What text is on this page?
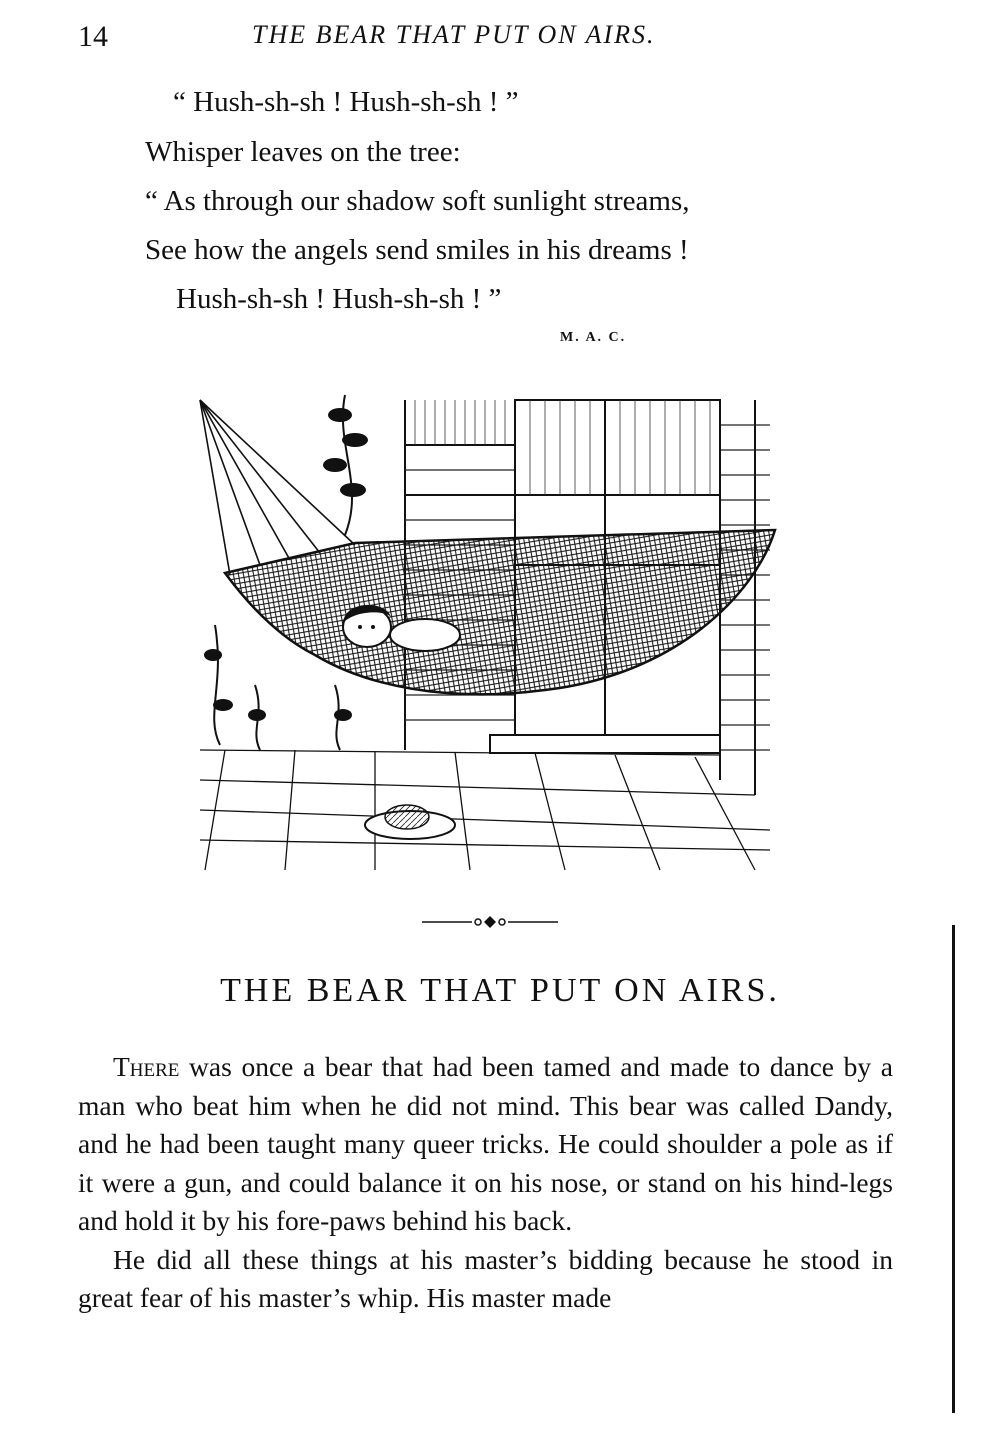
14	THE BEAR THAT PUT ON AIRS.
“ Hush-sh-sh ! Hush-sh-sh ! ”
Whisper leaves on the tree:
“ As through our shadow soft sunlight streams,
See how the angels send smiles in his dreams !
Hush-sh-sh ! Hush-sh-sh ! ”
M. A. C.
THE BEAR THAT PUT ON AIRS.

There was once a bear that had been tamed and made to dance by a man who beat him when he did not mind. This bear was called Dandy, and he had been taught many queer tricks. He could shoulder a pole as if it were a gun, and could balance it on his nose, or stand on his hind-legs and hold it by his fore-paws behind his back.

He did all these things at his master’s bidding because he stood in great fear of his master’s whip. His master made
